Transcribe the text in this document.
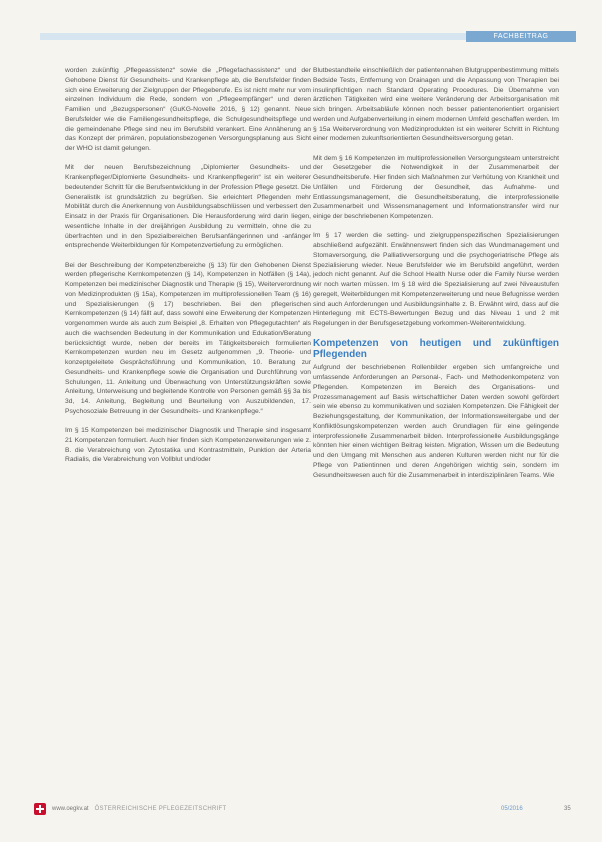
FACHBEITRAG

worden zukünftig „Pflegeassistenz“ sowie die „Pflegefachassistenz“ und der Gehobene Dienst für Gesundheits- und Krankenpflege ab, die Berufsfelder finden sich eine Erweiterung der Zielgruppen der Pflegeberufe. Es ist nicht mehr nur vom einzelnen Individuum die Rede, sondern von „Pflegeempfänger“ und deren Familien und „Bezugspersonen“ (GuKG-Novelle 2016, § 12) genannt. Neue Berufsfelder wie die Familiengesundheitspflege, die Schulgesundheitspflege und die gemeindenahe Pflege sind neu im Berufsbild verankert. Eine Annäherung an das Konzept der primären, populationsbezogenen Versorgungsplanung aus Sicht der WHO ist damit gelungen.

Mit der neuen Berufsbezeichnung „Diplomierter Gesundheits- und Krankenpfleger/Diplomierte Gesundheits- und Krankenpflegerin“ ist ein weiterer bedeutender Schritt für die Berufsentwicklung in der Profession Pflege gesetzt. Die Generalistik ist grundsätzlich zu begrüßen. Sie erleichtert Pflegenden mehr Mobilität durch die Anerkennung von Ausbildungsabschlüssen und verbessert den Einsatz in der Praxis für Organisationen. Die Herausforderung wird darin liegen, wesentliche Inhalte in der dreijährigen Ausbildung zu vermitteln, ohne die zu überfrachten und in den Spezialbereichen Berufsanfängerinnen und -anfänger entsprechende Weiterbildungen für Kompetenzvertiefung zu ermöglichen.

Bei der Beschreibung der Kompetenzbereiche (§ 13) für den Gehobenen Dienst werden pflegerische Kernkompetenzen (§ 14), Kompetenzen in Notfällen (§ 14a), Kompetenzen bei medizinischer Diagnostik und Therapie (§ 15), Weiterverordnung von Medizinprodukten (§ 15a), Kompetenzen im multiprofessionellen Team (§ 16) und Spezialisierungen (§ 17) beschrieben. Bei den pflegerischen Kernkompetenzen (§ 14) fällt auf, dass sowohl eine Erweiterung der Kompetenzen vorgenommen wurde als auch zum Beispiel „8. Erhalten von Pflegegutachten“ als auch die wachsenden Bedeutung in der Kommunikation und Edukation/Beratung berücksichtigt wurde, neben der bereits im Tätigkeitsbereich formulierten Kernkompetenzen wurden neu im Gesetz aufgenommen „9. Theorie- und konzeptgeleitete Gesprächsführung und Kommunikation, 10. Beratung zur Gesundheits- und Krankenpflege sowie die Organisation und Durchführung von Schulungen, 11. Anleitung und Überwachung von Unterstützungskräften sowie Anleitung, Unterweisung und begleitende Kontrolle von Personen gemäß §§ 3a bis 3d, 14. Anleitung, Begleitung und Beurteilung von Auszubildenden, 17. Psychosoziale Betreuung in der Gesundheits- und Krankenpflege.“

Im § 15 Kompetenzen bei medizinischer Diagnostik und Therapie sind insgesamt 21 Kompetenzen formuliert. Auch hier finden sich Kompetenzerweiterungen wie z. B. die Verabreichung von Zytostatika und Kontrastmitteln, Punktion der Arteria Radialis, die Verabreichung von Vollblut und/oder

Blutbestandteile einschließlich der patientennahen Blutgruppenbestimmung mittels Bedside Tests, Entfernung von Drainagen und die Anpassung von Therapien bei insulinpflichtigen nach Standard Operating Procedures. Die Übernahme von ärztlichen Tätigkeiten wird eine weitere Veränderung der Arbeitsorganisation mit sich bringen. Arbeitsabläufe können noch besser patientenorientiert organisiert werden und Aufgabenverteilung in einem modernen Umfeld geschaffen werden. Im § 15a Weiterverordnung von Medizinprodukten ist ein weiterer Schritt in Richtung einer modernen zukunftsorientierten Gesundheitsversorgung getan.

Mit dem § 16 Kompetenzen im multiprofessionellen Versorgungsteam unterstreicht der Gesetzgeber die Notwendigkeit in der Zusammenarbeit der Gesundheitsberufe. Hier finden sich Maßnahmen zur Verhütung von Krankheit und Unfällen und Förderung der Gesundheit, das Aufnahme- und Entlassungsmanagement, die Gesundheitsberatung, die interprofessionelle Zusammenarbeit und Wissensmanagement und Informationstransfer wird nur einige der beschriebenen Kompetenzen.

Im § 17 werden die setting- und zielgruppenspezifischen Spezialisierungen abschließend aufgezählt. Erwähnenswert finden sich das Wundmanagement und Stomaversorgung, die Palliativversorgung und die psychogeriatrische Pflege als Spezialisierung wieder. Neue Berufsfelder wie im Berufsbild angeführt, werden jedoch nicht genannt. Auf die School Health Nurse oder die Family Nurse werden wir noch warten müssen. Im § 18 wird die Spezialisierung auf zwei Niveaustufen geregelt, Weiterbildungen mit Kompetenzerweiterung und neue Befugnisse werden sind auch Anforderungen und Ausbildungsinhalte z. B. Erwähnt wird, dass auf die Hinterlegung mit ECTS-Bewertungen Bezug und das Niveau 1 und 2 mit Regelungen in der Berufsgesetzgebung vorkommen-Weiterentwicklung.

Kompetenzen von heutigen und zukünftigen Pflegenden

Aufgrund der beschriebenen Rollenbilder ergeben sich umfangreiche und umfassende Anforderungen an Personal-, Fach- und Methodenkompetenz von Pflegenden. Kompetenzen im Bereich des Organisations- und Prozessmanagement auf Basis wirtschaftlicher Daten werden sowohl gefördert sein wie ebenso zu kommunikativen und sozialen Kompetenzen. Die Fähigkeit der Beziehungsgestaltung, der Kommunikation, der Informationsweitergabe und der Konfliktlösungskompetenzen werden auch Grundlagen für eine gelingende interprofessionelle Zusammenarbeit bilden. Interprofessionelle Ausbildungsgänge könnten hier einen wichtigen Beitrag leisten. Migration, Wissen um die Bedeutung und den Umgang mit Menschen aus anderen Kulturen werden nicht nur für die Pflege von Patientinnen und deren Angehörigen wichtig sein, sondern im Gesundheitswesen auch für die Zusammenarbeit in interdisziplinären Teams. Wie

www.oegkv.at ÖSTERREICHISCHE PFLEGEZEITSCHRIFT	05/2016	35
